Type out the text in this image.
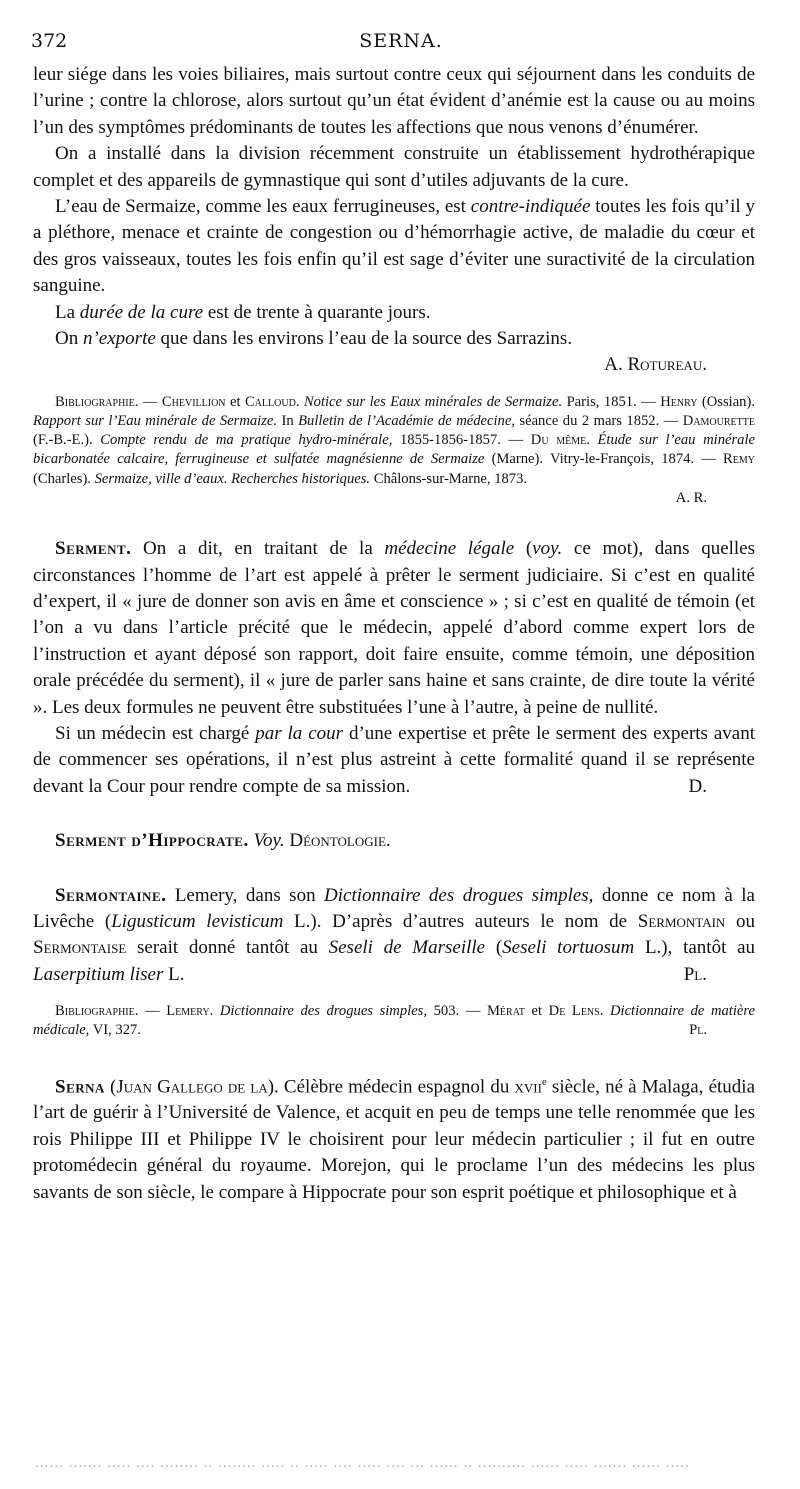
372	SERNA.

leur siége dans les voies biliaires, mais surtout contre ceux qui séjournent dans les conduits de l’urine ; contre la chlorose, alors surtout qu’un état évident d’anémie est la cause ou au moins l’un des symptômes prédominants de toutes les affections que nous venons d’énumérer.

On a installé dans la division récemment construite un établissement hydrothérapique complet et des appareils de gymnastique qui sont d’utiles adjuvants de la cure.

L’eau de Sermaize, comme les eaux ferrugineuses, est contre-indiquée toutes les fois qu’il y a pléthore, menace et crainte de congestion ou d’hémorrhagie active, de maladie du cœur et des gros vaisseaux, toutes les fois enfin qu’il est sage d’éviter une suractivité de la circulation sanguine.

La durée de la cure est de trente à quarante jours.

On n’exporte que dans les environs l’eau de la source des Sarrazins.

A. Rotureau.

Bibliographie. — Chevillion et Calloud. Notice sur les Eaux minérales de Sermaize. Paris, 1851. — Henry (Ossian). Rapport sur l’Eau minérale de Sermaize. In Bulletin de l’Académie de médecine, séance du 2 mars 1852. — Damourette (F.-B.-E.). Compte rendu de ma pratique hydro-minérale, 1855-1856-1857. — Du même. Étude sur l’eau minérale bicarbonatée calcaire, ferrugineuse et sulfatée magnésienne de Sermaize (Marne). Vitry-le-François, 1874. — Remy (Charles). Sermaize, ville d’eaux. Recherches historiques. Châlons-sur-Marne, 1873.

A. R.

Serment. On a dit, en traitant de la médecine légale (voy. ce mot), dans quelles circonstances l’homme de l’art est appelé à prêter le serment judiciaire. Si c’est en qualité d’expert, il « jure de donner son avis en âme et conscience » ; si c’est en qualité de témoin (et l’on a vu dans l’article précité que le médecin, appelé d’abord comme expert lors de l’instruction et ayant déposé son rapport, doit faire ensuite, comme témoin, une déposition orale précédée du serment), il « jure de parler sans haine et sans crainte, de dire toute la vérité ». Les deux formules ne peuvent être substituées l’une à l’autre, à peine de nullité.

Si un médecin est chargé par la cour d’une expertise et prête le serment des experts avant de commencer ses opérations, il n’est plus astreint à cette formalité quand il se représente devant la Cour pour rendre compte de sa mission.	D.

Serment d’Hippocrate. Voy. Déontologie.

Sermontaine. Lemery, dans son Dictionnaire des drogues simples, donne ce nom à la Livêche (Ligusticum levisticum L.). D’après d’autres auteurs le nom de Sermontain ou Sermontaise serait donné tantôt au Seseli de Marseille (Seseli tortuosum L.), tantôt au Laserpitium liser L.	Pl.

Bibliographie. — Lemery. Dictionnaire des drogues simples, 503. — Mérat et De Lens. Dictionnaire de matière médicale, VI, 327.	Pl.

Serna (Juan Gallego de la). Célèbre médecin espagnol du xvii$^e$ siècle, né à Malaga, étudia l’art de guérir à l’Université de Valence, et acquit en peu de temps une telle renommée que les rois Philippe III et Philippe IV le choisirent pour leur médecin particulier ; il fut en outre protomédecin général du royaume. Morejon, qui le proclame l’un des médecins les plus savants de son siècle, le compare à Hippocrate pour son esprit poétique et philosophique et à

...... ....... ..... .... ........ .. ........ ..... .. ..... .... ..... .... ... ...... .. .......... ...... ..... ....... ...... .....
